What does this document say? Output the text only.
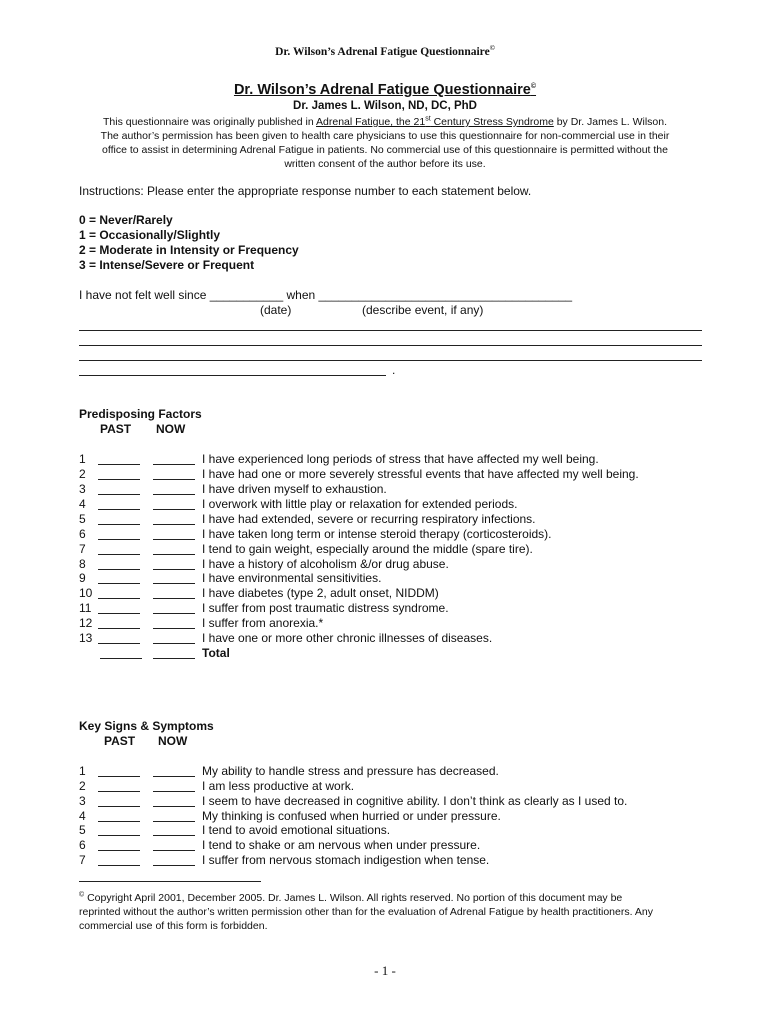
Dr. Wilson’s Adrenal Fatigue Questionnaire©
Dr. Wilson’s Adrenal Fatigue Questionnaire©
Dr. James L. Wilson, ND, DC, PhD
This questionnaire was originally published in Adrenal Fatigue, the 21st Century Stress Syndrome by Dr. James L. Wilson.
The author’s permission has been given to health care physicians to use this questionnaire for non-commercial use in their
office to assist in determining Adrenal Fatigue in patients. No commercial use of this questionnaire is permitted without the
written consent of the author before its use.
Instructions: Please enter the appropriate response number to each statement below.
0 = Never/Rarely
1 = Occasionally/Slightly
2 = Moderate in Intensity or Frequency
3 = Intense/Severe or Frequent
I have not felt well since ___________ when ______________________________________
(date)	(describe event, if any)
.
Predisposing Factors
PAST NOW
1	I have experienced long periods of stress that have affected my well being.
2	I have had one or more severely stressful events that have affected my well being.
3	I have driven myself to exhaustion.
4	I overwork with little play or relaxation for extended periods.
5	I have had extended, severe or recurring respiratory infections.
6	I have taken long term or intense steroid therapy (corticosteroids).
7	I tend to gain weight, especially around the middle (spare tire).
8	I have a history of alcoholism &/or drug abuse.
9	I have environmental sensitivities.
10	I have diabetes (type 2, adult onset, NIDDM)
11	I suffer from post traumatic distress syndrome.
12	I suffer from anorexia.*
13	I have one or more other chronic illnesses of diseases.
Total
Key Signs & Symptoms
PAST NOW
1	My ability to handle stress and pressure has decreased.
2	I am less productive at work.
3	I seem to have decreased in cognitive ability. I don’t think as clearly as I used to.
4	My thinking is confused when hurried or under pressure.
5	I tend to avoid emotional situations.
6	I tend to shake or am nervous when under pressure.
7	I suffer from nervous stomach indigestion when tense.
© Copyright April 2001, December 2005. Dr. James L. Wilson. All rights reserved. No portion of this document may be
reprinted without the author’s written permission other than for the evaluation of Adrenal Fatigue by health practitioners. Any
commercial use of this form is forbidden.
- 1 -
